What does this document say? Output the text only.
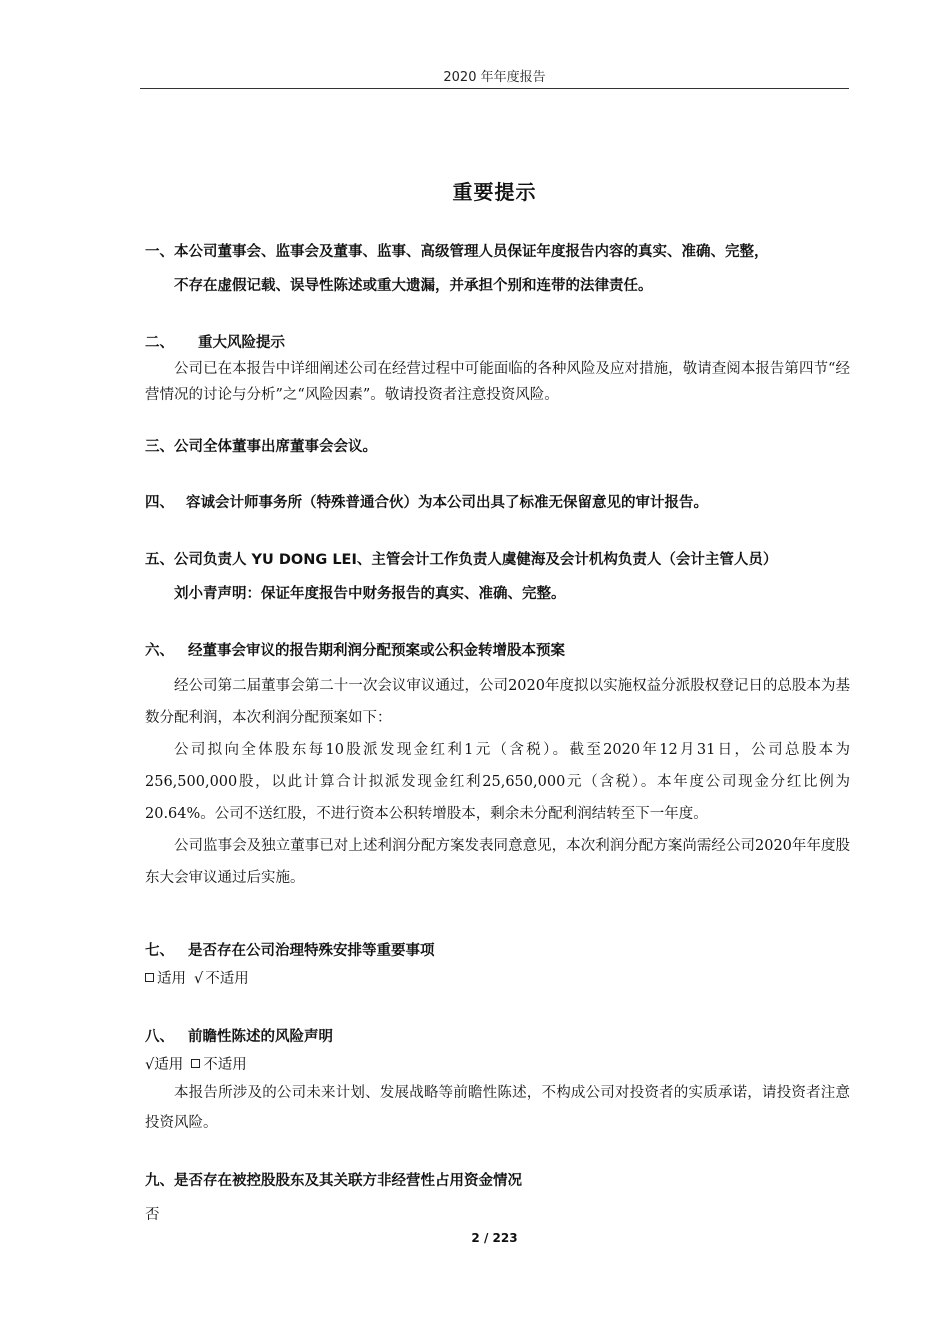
2020 年年度报告
重要提示
一、本公司董事会、监事会及董事、监事、高级管理人员保证年度报告内容的真实、准确、完整，
不存在虚假记载、误导性陈述或重大遗漏，并承担个别和连带的法律责任。
二、 重大风险提示
公司已在本报告中详细阐述公司在经营过程中可能面临的各种风险及应对措施，敬请查阅本报告第四节“经营情况的讨论与分析”之“风险因素”。敬请投资者注意投资风险。
三、公司全体董事出席董事会会议。
四、 容诚会计师事务所（特殊普通合伙）为本公司出具了标准无保留意见的审计报告。
五、公司负责人 YU DONG LEI、主管会计工作负责人虞健海及会计机构负责人（会计主管人员）
刘小青声明：保证年度报告中财务报告的真实、准确、完整。
六、 经董事会审议的报告期利润分配预案或公积金转增股本预案
经公司第二届董事会第二十一次会议审议通过，公司2020年度拟以实施权益分派股权登记日的总股本为基数分配利润，本次利润分配预案如下：
公司拟向全体股东每10股派发现金红利1元（含税）。截至2020年12月31日，公司总股本为256,500,000股，以此计算合计拟派发现金红利25,650,000元（含税）。本年度公司现金分红比例为20.64%。公司不送红股，不进行资本公积转增股本，剩余未分配利润结转至下一年度。
公司监事会及独立董事已对上述利润分配方案发表同意意见，本次利润分配方案尚需经公司2020年年度股东大会审议通过后实施。
七、 是否存在公司治理特殊安排等重要事项
适用 √ 不适用
八、 前瞻性陈述的风险声明
√适用 不适用
本报告所涉及的公司未来计划、发展战略等前瞻性陈述，不构成公司对投资者的实质承诺，请投资者注意投资风险。
九、是否存在被控股股东及其关联方非经营性占用资金情况
否
2 / 223
